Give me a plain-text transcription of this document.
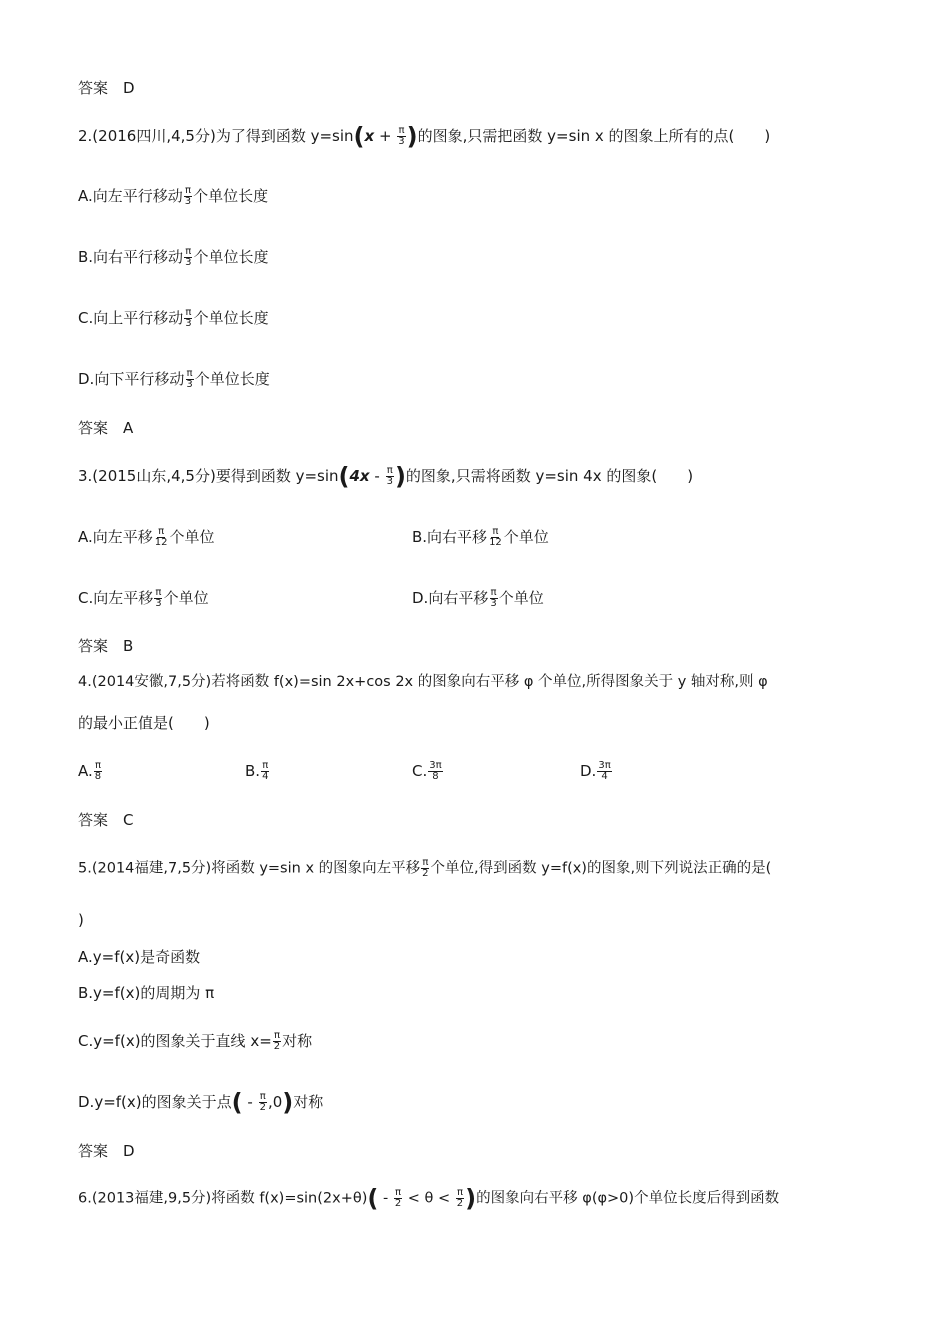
答案　D
2.(2016四川,4,5分)为了得到函数 $y=\sin(x + \frac{\pi}{3}$ )的图象,只需把函数 y=sin x 的图象上所有的点(　　)
A.向左平行移动 $\frac{\pi}{3}$ 个单位长度
B.向右平行移动 $\frac{\pi}{3}$ 个单位长度
C.向上平行移动 $\frac{\pi}{3}$ 个单位长度
D.向下平行移动 $\frac{\pi}{3}$ 个单位长度
答案　A
3.(2015山东,4,5分)要得到函数 $y=\sin(4x - \frac{\pi}{3}$ )的图象,只需将函数 y=sin 4x 的图象(　　)
A.向左平移 $\frac{\pi}{12}$ 个单位	B.向右平移 $\frac{\pi}{12}$ 个单位
C.向左平移 $\frac{\pi}{3}$ 个单位	D.向右平移 $\frac{\pi}{3}$ 个单位
答案　B
4.(2014安徽,7,5分)若将函数 f(x)=sin 2x+cos 2x 的图象向右平移 φ 个单位,所得图象关于 y 轴对称,则 φ
的最小正值是(　　)
A. $\frac{\pi}{8}$	B. $\frac{\pi}{4}$	C. $\frac{3\pi}{8}$	D. $\frac{3\pi}{4}$
答案　C
5.(2014福建,7,5分)将函数 y=sin x 的图象向左平移 $\frac{\pi}{2}$ 个单位,得到函数 y=f(x)的图象,则下列说法正确的是(
)
A.y=f(x)是奇函数
B.y=f(x)的周期为 π
C.y=f(x)的图象关于直线 $x= \frac{\pi}{2}$ 对称
D.y=f(x)的图象关于点( - $\frac{\pi}{2} ,0$)对称
答案　D
6.(2013福建,9,5分)将函数 $f(x)=\sin(2x+\theta)( - \frac{\pi}{2} < \theta < \frac{\pi}{2}$ )的图象向右平移 φ(φ>0)个单位长度后得到函数
